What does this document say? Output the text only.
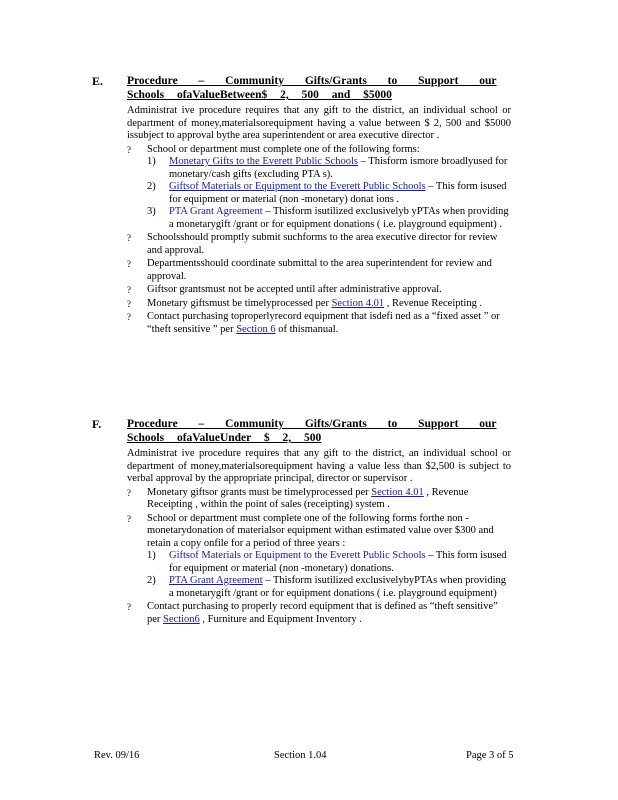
E. Procedure – Community Gifts/Grants to Support our
Schools ofaValueBetween$ 2, 500 and $5000
Administrat ive procedure requires that any gift to the district, an individual school or department of money,materialsorequipment having a value between $ 2, 500 and $5000 issubject to approval bythe area superintendent or area executive director .
? School or department must complete one of the following forms:
1) Monetary Gifts to the Everett Public Schools – Thisform ismore broadlyused for monetary/cash gifts (excluding PTA s).
2) Giftsof Materials or Equipment to the Everett Public Schools – This form isused for equipment or material (non -monetary) donat ions .
3) PTA Grant Agreement – Thisform isutilized exclusivelyb yPTAs when providing a monetarygift /grant or for equipment donations ( i.e. playground equipment) .
? Schoolsshould promptly submit suchforms to the area executive director for review and approval.
? Departmentsshould coordinate submittal to the area superintendent for review and approval.
? Giftsor grantsmust not be accepted until after administrative approval.
? Monetary giftsmust be timelyprocessed per Section 4.01 , Revenue Receipting .
? Contact purchasing toproperlyrecord equipment that isdefi ned as a “fixed asset ” or “theft sensitive ” per Section 6 of thismanual.
F. Procedure – Community Gifts/Grants to Support our
Schools ofaValueUnder $ 2, 500
Administrat ive procedure requires that any gift to the district, an individual school or department of money,materialsorequipment having a value less than $2,500 is subject to verbal approval by the appropriate principal, director or supervisor .
? Monetary giftsor grants must be timelyprocessed per Section 4.01 , Revenue Receipting , within the point of sales (receipting) system .
? School or department must complete one of the following forms forthe non -monetarydonation of materialsor equipment withan estimated value over $300 and retain a copy onfile for a period of three years :
1) Giftsof Materials or Equipment to the Everett Public Schools – This form isused for equipment or material (non -monetary) donations.
2) PTA Grant Agreement – Thisform isutilized exclusivelybyPTAs when providing a monetarygift /grant or for equipment donations ( i.e. playground equipment)
? Contact purchasing to properly record equipment that is defined as “theft sensitive” per Section6 , Furniture and Equipment Inventory .
Rev. 09/16	Section 1.04	Page 3 of 5
